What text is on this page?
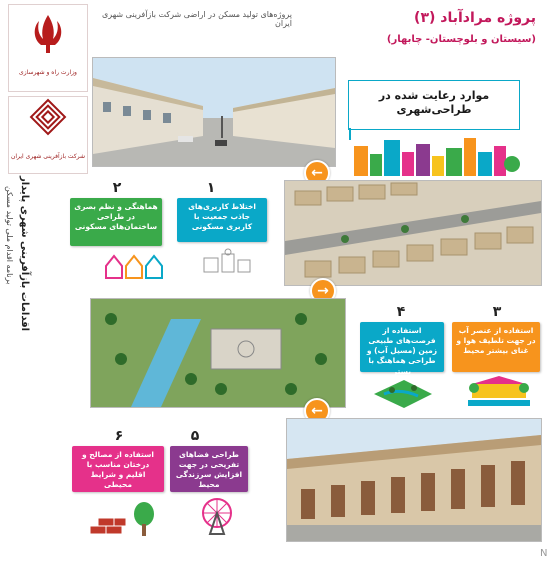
پروژه‌های تولید مسکن در اراضی شرکت بازآفرینی شهری ایران	پروژه مرادآباد (۳)
(سیستان و بلوچستان- چابهار)
وزارت راه و شهرسازی
شرکت بازآفرینی شهری ایران
اقدامات بازآفرینی شهری پایدار
برنامه اقدام ملی تولید مسکن
موارد رعایت شده در طراحی‌شهری
←
۱
اختلاط کاربری‌های جاذب جمعیت با کاربری مسکونی
۲
هماهنگی و نظم بصری در طراحی ساختمان‌های مسکونی
→
۴
استفاده از فرصت‌های طبیعی زمین (مسیل آب) و طراحی هماهنگ با بستر
۳
استفاده از عنصر آب در جهت تلطیف هوا و غنای بیشتر محیط
←
۵
طراحی فضاهای تفریحی در جهت افزایش سرزندگی محیط
۶
استفاده از مصالح و درختان مناسب با اقلیم و شرایط محیطی
N
